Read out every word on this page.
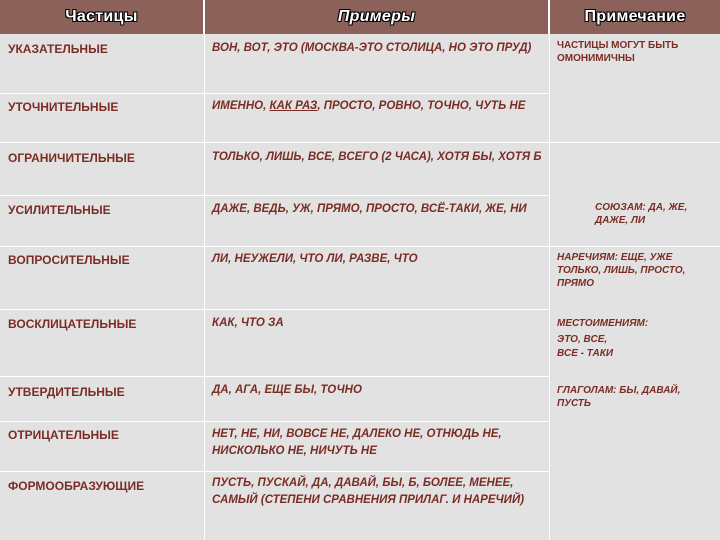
Частицы	Примеры	Примечание
УКАЗАТЕЛЬНЫЕ
УТОЧНИТЕЛЬНЫЕ
ОГРАНИЧИТЕЛЬНЫЕ
УСИЛИТЕЛЬНЫЕ
ВОПРОСИТЕЛЬНЫЕ
ВОСКЛИЦАТЕЛЬНЫЕ
УТВЕРДИТЕЛЬНЫЕ
ОТРИЦАТЕЛЬНЫЕ
ФОРМООБРАЗУЮЩИЕ
ВОН, ВОТ, ЭТО (МОСКВА-ЭТО СТОЛИЦА, НО ЭТО ПРУД)
ИМЕННО, КАК РАЗ, ПРОСТО, РОВНО, ТОЧНО, ЧУТЬ НЕ
ТОЛЬКО, ЛИШЬ, ВСЕ, ВСЕГО (2 ЧАСА), ХОТЯ БЫ, ХОТЯ Б
ДАЖЕ, ВЕДЬ, УЖ, ПРЯМО, ПРОСТО, ВСЁ-ТАКИ, ЖЕ, НИ
ЛИ, НЕУЖЕЛИ, ЧТО ЛИ, РАЗВЕ, ЧТО
КАК, ЧТО ЗА
ДА, АГА, ЕЩЕ БЫ, ТОЧНО
НЕТ, НЕ, НИ, ВОВСЕ НЕ, ДАЛЕКО НЕ, ОТНЮДЬ НЕ, НИСКОЛЬКО НЕ, НИЧУТЬ НЕ
ПУСТЬ, ПУСКАЙ, ДА, ДАВАЙ, БЫ, Б, БОЛЕЕ, МЕНЕЕ, САМЫЙ (СТЕПЕНИ СРАВНЕНИЯ ПРИЛАГ. И НАРЕЧИЙ)
ЧАСТИЦЫ МОГУТ БЫТЬ ОМОНИМИЧНЫ
СОЮЗАМ: ДА, ЖЕ, ДАЖЕ, ЛИ
НАРЕЧИЯМ: ЕЩЕ, УЖЕ ТОЛЬКО, ЛИШЬ, ПРОСТО, ПРЯМО
МЕСТОИМЕНИЯМ:
ЭТО, ВСЕ,
ВСЕ - ТАКИ
ГЛАГОЛАМ: БЫ, ДАВАЙ, ПУСТЬ
